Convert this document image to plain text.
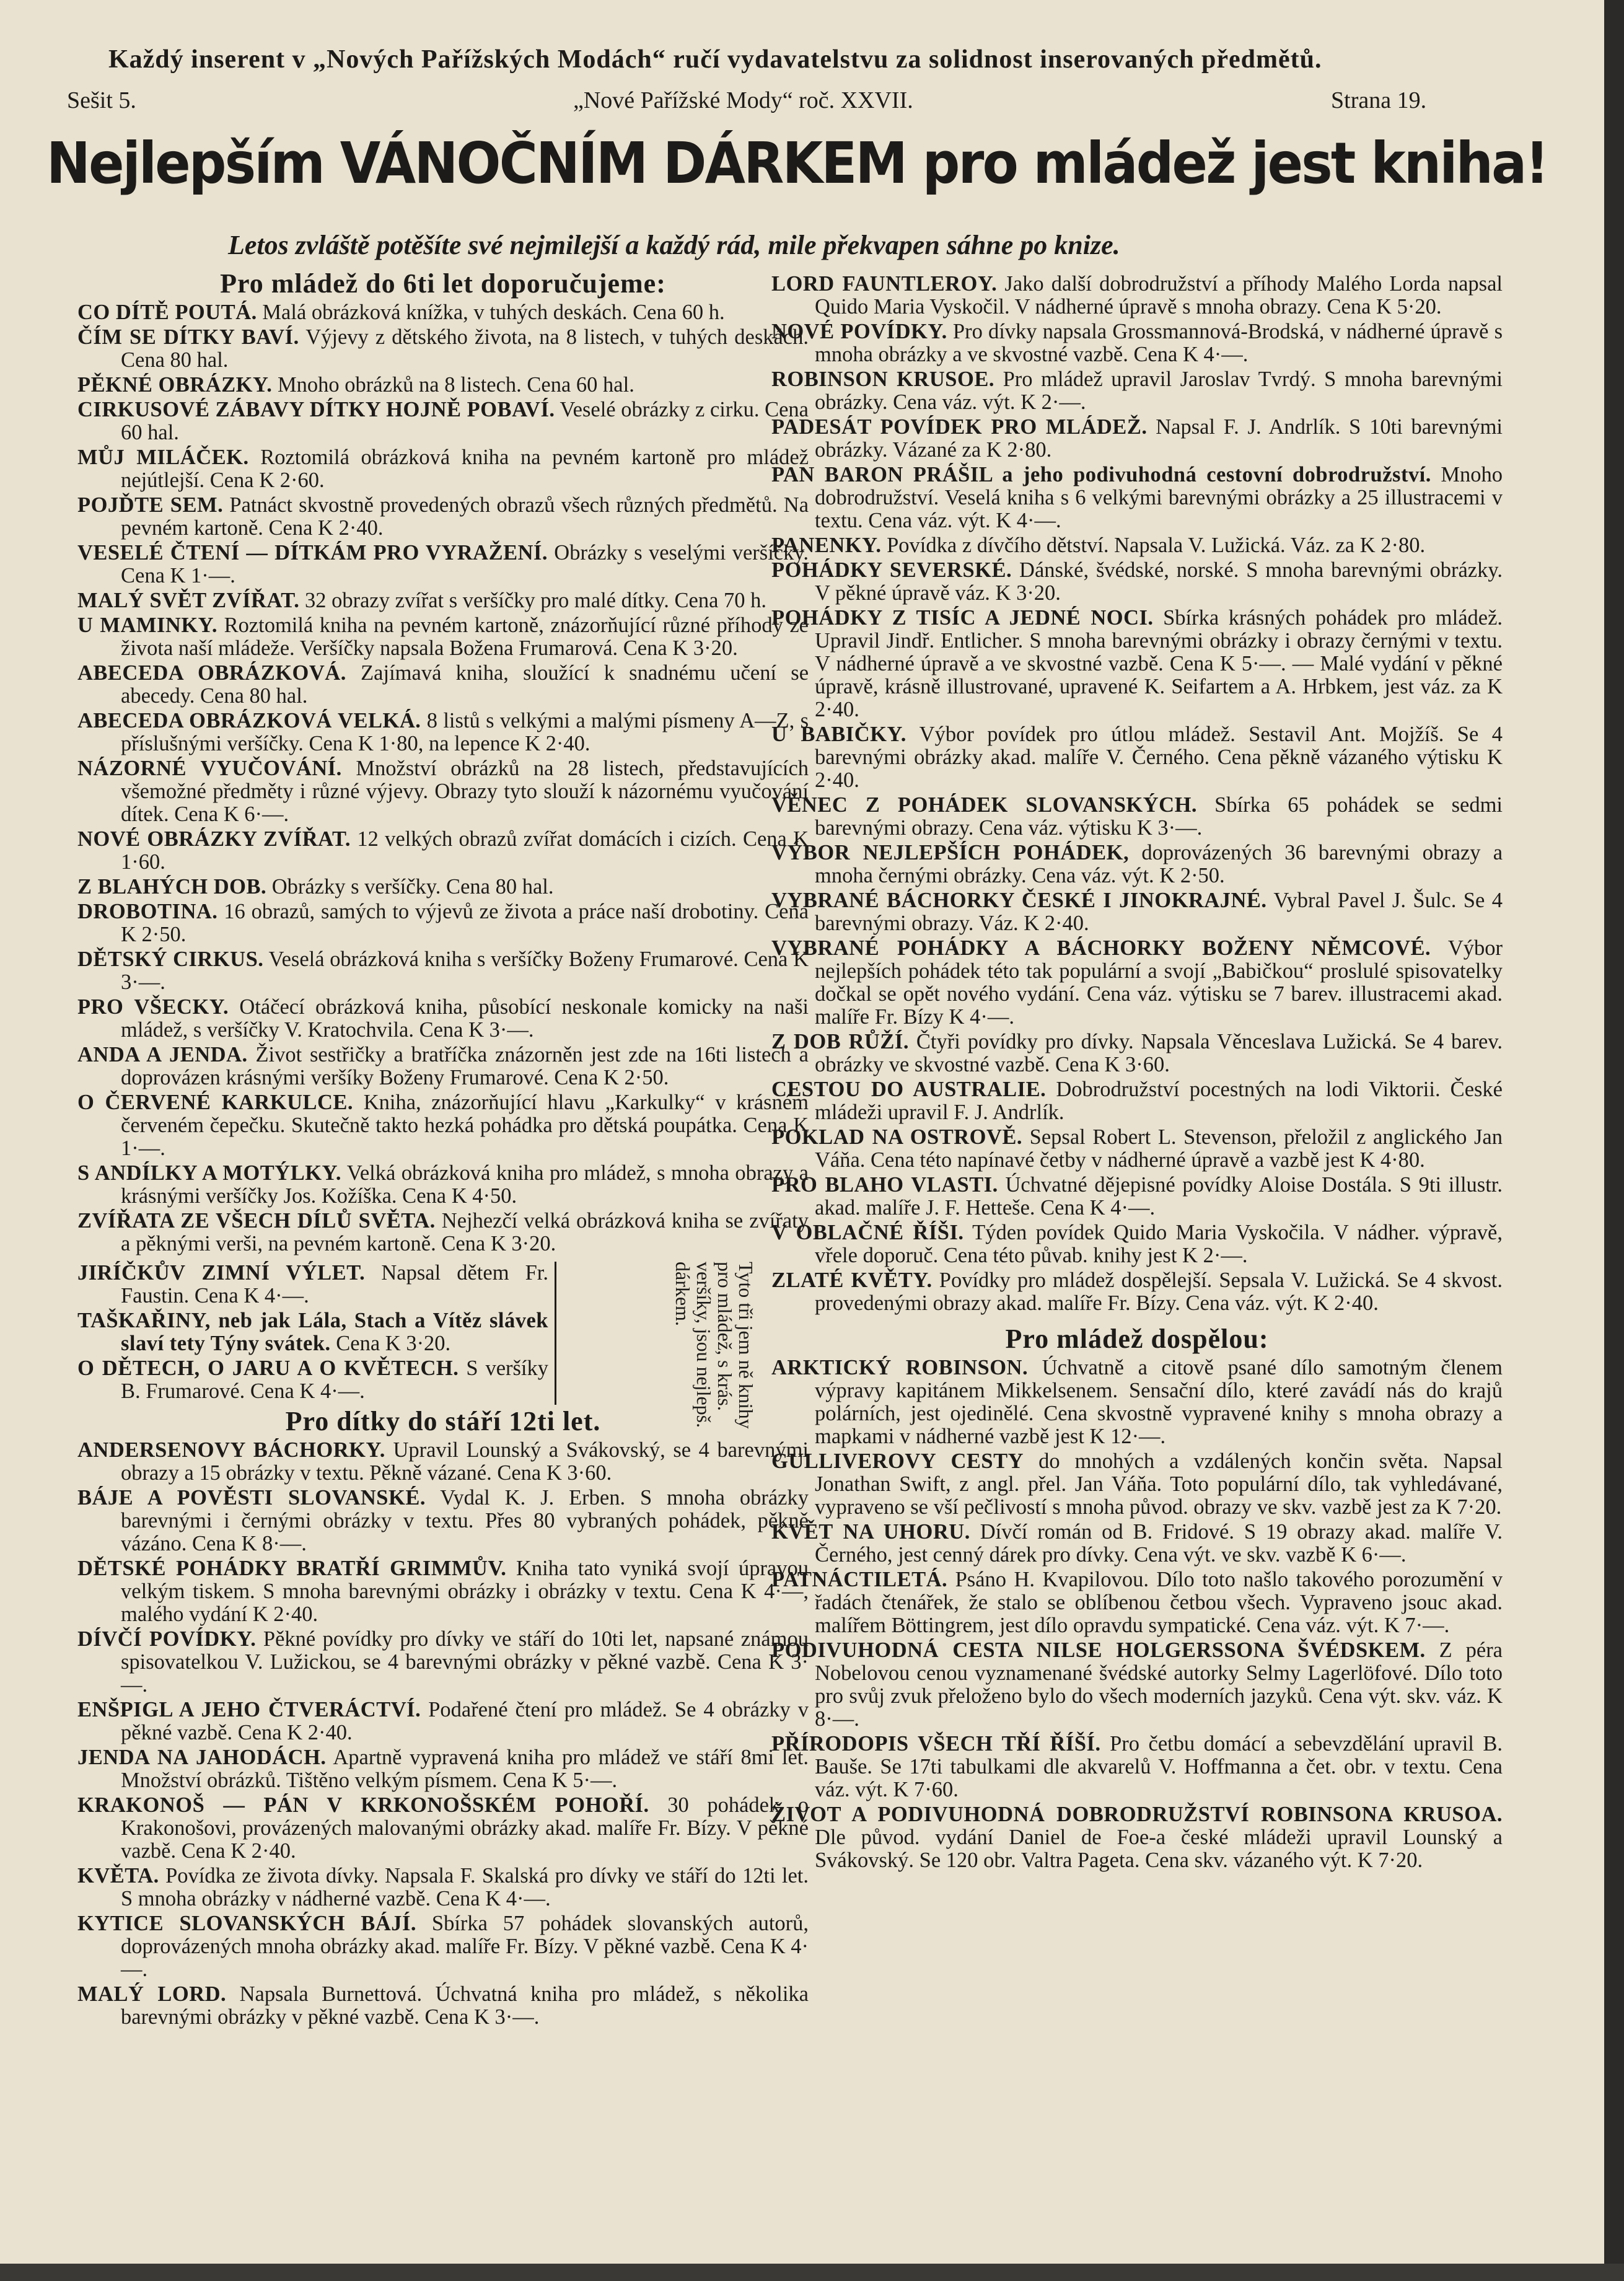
Každý inserent v „Nových Pařížských Modách“ ručí vydavatelstvu za solidnost inserovaných předmětů.
Sešit 5.	„Nové Pařížské Mody“ roč. XXVII.	Strana 19.
Nejlepším VÁNOČNÍM DÁRKEM pro mládež jest kniha!
Letos zvláště potěšíte své nejmilejší a každý rád, mile překvapen sáhne po knize.
Pro mládež do 6ti let doporučujeme:

CO DÍTĚ POUTÁ. Malá obrázková knížka, v tuhých deskách. Cena 60 h.

ČÍM SE DÍTKY BAVÍ. Výjevy z dětského života, na 8 listech, v tuhých deskách. Cena 80 hal.

PĚKNÉ OBRÁZKY. Mnoho obrázků na 8 listech. Cena 60 hal.

CIRKUSOVÉ ZÁBAVY DÍTKY HOJNĚ POBAVÍ. Veselé obrázky z cirku. Cena 60 hal.

MŮJ MILÁČEK. Roztomilá obrázková kniha na pevném kartoně pro mládež nejútlejší. Cena K 2·60.

POJĎTE SEM. Patnáct skvostně provedených obrazů všech různých předmětů. Na pevném kartoně. Cena K 2·40.

VESELÉ ČTENÍ — DÍTKÁM PRO VYRAŽENÍ. Obrázky s veselými veršíčky. Cena K 1·—.

MALÝ SVĚT ZVÍŘAT. 32 obrazy zvířat s veršíčky pro malé dítky. Cena 70 h.

U MAMINKY. Roztomilá kniha na pevném kartoně, znázorňující různé příhody ze života naší mládeže. Veršíčky napsala Božena Frumarová. Cena K 3·20.

ABECEDA OBRÁZKOVÁ. Zajímavá kniha, sloužící k snadnému učení se abecedy. Cena 80 hal.

ABECEDA OBRÁZKOVÁ VELKÁ. 8 listů s velkými a malými písmeny A—Z, s příslušnými veršíčky. Cena K 1·80, na lepence K 2·40.

NÁZORNÉ VYUČOVÁNÍ. Množství obrázků na 28 listech, představujících všemožné předměty i různé výjevy. Obrazy tyto slouží k názornému vyučování dítek. Cena K 6·—.

NOVÉ OBRÁZKY ZVÍŘAT. 12 velkých obrazů zvířat domácích i cizích. Cena K 1·60.

Z BLAHÝCH DOB. Obrázky s veršíčky. Cena 80 hal.

DROBOTINA. 16 obrazů, samých to výjevů ze života a práce naší drobotiny. Cena K 2·50.

DĚTSKÝ CIRKUS. Veselá obrázková kniha s veršíčky Boženy Frumarové. Cena K 3·—.

PRO VŠECKY. Otáčecí obrázková kniha, působící neskonale komicky na naši mládež, s veršíčky V. Kratochvila. Cena K 3·—.

ANDA A JENDA. Život sestřičky a bratříčka znázorněn jest zde na 16ti listech a doprovázen krásnými veršíky Boženy Frumarové. Cena K 2·50.

O ČERVENÉ KARKULCE. Kniha, znázorňující hlavu „Karkulky“ v krásném červeném čepečku. Skutečně takto hezká pohádka pro dětská poupátka. Cena K 1·—.

S ANDÍLKY A MOTÝLKY. Velká obrázková kniha pro mládež, s mnoha obrazy a krásnými veršíčky Jos. Kožíška. Cena K 4·50.

ZVÍŘATA ZE VŠECH DÍLŮ SVĚTA. Nejhezčí velká obrázková kniha se zvířaty a pěknými verši, na pevném kartoně. Cena K 3·20.

JIRÍČKŮV ZIMNÍ VÝLET. Napsal dětem Fr. Faustin. Cena K 4·—.

TAŠKAŘINY, neb jak Lála, Stach a Vítěz slávek slaví tety Týny svátek. Cena K 3·20.

O DĚTECH, O JARU A O KVĚTECH. S veršíky B. Frumarové. Cena K 4·—.	Tyto tři jem ně knihy pro mládež, s krás. veršíky, jsou nejlepš. dárkem.
Pro dítky do stáří 12ti let.

ANDERSENOVY BÁCHORKY. Upravil Lounský a Svákovský, se 4 barevnými obrazy a 15 obrázky v textu. Pěkně vázané. Cena K 3·60.

BÁJE A POVĚSTI SLOVANSKÉ. Vydal K. J. Erben. S mnoha obrázky barevnými i černými obrázky v textu. Přes 80 vybraných pohádek, pěkně vázáno. Cena K 8·—.

DĚTSKÉ POHÁDKY BRATŘÍ GRIMMŮV. Kniha tato vyniká svojí úpravou velkým tiskem. S mnoha barevnými obrázky i obrázky v textu. Cena K 4·—, malého vydání K 2·40.

DÍVČÍ POVÍDKY. Pěkné povídky pro dívky ve stáří do 10ti let, napsané známou spisovatelkou V. Lužickou, se 4 barevnými obrázky v pěkné vazbě. Cena K 3·—.

ENŠPIGL A JEHO ČTVERÁCTVÍ. Podařené čtení pro mládež. Se 4 obrázky v pěkné vazbě. Cena K 2·40.

JENDA NA JAHODÁCH. Apartně vypravená kniha pro mládež ve stáří 8mi let. Množství obrázků. Tištěno velkým písmem. Cena K 5·—.

KRAKONOŠ — PÁN V KRKONOŠSKÉM POHOŘÍ. 30 pohádek o Krakonošovi, provázených malovanými obrázky akad. malíře Fr. Bízy. V pěkné vazbě. Cena K 2·40.

KVĚTA. Povídka ze života dívky. Napsala F. Skalská pro dívky ve stáří do 12ti let. S mnoha obrázky v nádherné vazbě. Cena K 4·—.

KYTICE SLOVANSKÝCH BÁJÍ. Sbírka 57 pohádek slovanských autorů, doprovázených mnoha obrázky akad. malíře Fr. Bízy. V pěkné vazbě. Cena K 4·—.

MALÝ LORD. Napsala Burnettová. Úchvatná kniha pro mládež, s několika barevnými obrázky v pěkné vazbě. Cena K 3·—.

LORD FAUNTLEROY. Jako další dobrodružství a příhody Malého Lorda napsal Quido Maria Vyskočil. V nádherné úpravě s mnoha obrazy. Cena K 5·20.

NOVÉ POVÍDKY. Pro dívky napsala Grossmannová-Brodská, v nádherné úpravě s mnoha obrázky a ve skvostné vazbě. Cena K 4·—.

ROBINSON KRUSOE. Pro mládež upravil Jaroslav Tvrdý. S mnoha barevnými obrázky. Cena váz. výt. K 2·—.

PADESÁT POVÍDEK PRO MLÁDEŽ. Napsal F. J. Andrlík. S 10ti barevnými obrázky. Vázané za K 2·80.

PAN BARON PRÁŠIL a jeho podivuhodná cestovní dobrodružství. Mnoho dobrodružství. Veselá kniha s 6 velkými barevnými obrázky a 25 illustracemi v textu. Cena váz. výt. K 4·—.

PANENKY. Povídka z dívčího dětství. Napsala V. Lužická. Váz. za K 2·80.

POHÁDKY SEVERSKÉ. Dánské, švédské, norské. S mnoha barevnými obrázky. V pěkné úpravě váz. K 3·20.

POHÁDKY Z TISÍC A JEDNÉ NOCI. Sbírka krásných pohádek pro mládež. Upravil Jindř. Entlicher. S mnoha barevnými obrázky i obrazy černými v textu. V nádherné úpravě a ve skvostné vazbě. Cena K 5·—. — Malé vydání v pěkné úpravě, krásně illustrované, upravené K. Seifartem a A. Hrbkem, jest váz. za K 2·40.

U BABIČKY. Výbor povídek pro útlou mládež. Sestavil Ant. Mojžíš. Se 4 barevnými obrázky akad. malíře V. Černého. Cena pěkně vázaného výtisku K 2·40.

VĚNEC Z POHÁDEK SLOVANSKÝCH. Sbírka 65 pohádek se sedmi barevnými obrazy. Cena váz. výtisku K 3·—.

VÝBOR NEJLEPŠÍCH POHÁDEK, doprovázených 36 barevnými obrazy a mnoha černými obrázky. Cena váz. výt. K 2·50.

VYBRANÉ BÁCHORKY ČESKÉ I JINOKRAJNÉ. Vybral Pavel J. Šulc. Se 4 barevnými obrazy. Váz. K 2·40.

VYBRANÉ POHÁDKY A BÁCHORKY BOŽENY NĚMCOVÉ. Výbor nejlepších pohádek této tak populární a svojí „Babičkou“ proslulé spisovatelky dočkal se opět nového vydání. Cena váz. výtisku se 7 barev. illustracemi akad. malíře Fr. Bízy K 4·—.

Z DOB RŮŽÍ. Čtyři povídky pro dívky. Napsala Věnceslava Lužická. Se 4 barev. obrázky ve skvostné vazbě. Cena K 3·60.

CESTOU DO AUSTRALIE. Dobrodružství pocestných na lodi Viktorii. České mládeži upravil F. J. Andrlík.

POKLAD NA OSTROVĚ. Sepsal Robert L. Stevenson, přeložil z anglického Jan Váňa. Cena této napínavé četby v nádherné úpravě a vazbě jest K 4·80.

PRO BLAHO VLASTI. Úchvatné dějepisné povídky Aloise Dostála. S 9ti illustr. akad. malíře J. F. Hetteše. Cena K 4·—.

V OBLAČNÉ ŘÍŠI. Týden povídek Quido Maria Vyskočila. V nádher. výpravě, vřele doporuč. Cena této půvab. knihy jest K 2·—.

ZLATÉ KVĚTY. Povídky pro mládež dospělejší. Sepsala V. Lužická. Se 4 skvost. provedenými obrazy akad. malíře Fr. Bízy. Cena váz. výt. K 2·40.

Pro mládež dospělou:

ARKTICKÝ ROBINSON. Úchvatně a citově psané dílo samotným členem výpravy kapitánem Mikkelsenem. Sensační dílo, které zavádí nás do krajů polárních, jest ojedinělé. Cena skvostně vypravené knihy s mnoha obrazy a mapkami v nádherné vazbě jest K 12·—.

GULLIVEROVY CESTY do mnohých a vzdálených končin světa. Napsal Jonathan Swift, z angl. přel. Jan Váňa. Toto populární dílo, tak vyhledávané, vypraveno se vší pečlivostí s mnoha původ. obrazy ve skv. vazbě jest za K 7·20.

KVĚT NA UHORU. Dívčí román od B. Fridové. S 19 obrazy akad. malíře V. Černého, jest cenný dárek pro dívky. Cena výt. ve skv. vazbě K 6·—.

PATNÁCTILETÁ. Psáno H. Kvapilovou. Dílo toto našlo takového porozumění v řadách čtenářek, že stalo se oblíbenou četbou všech. Vypraveno jsouc akad. malířem Böttingrem, jest dílo opravdu sympatické. Cena váz. výt. K 7·—.

PODIVUHODNÁ CESTA NILSE HOLGERSSONA ŠVÉDSKEM. Z péra Nobelovou cenou vyznamenané švédské autorky Selmy Lagerlöfové. Dílo toto pro svůj zvuk přeloženo bylo do všech moderních jazyků. Cena výt. skv. váz. K 8·—.

PŘÍRODOPIS VŠECH TŘÍ ŘÍŠÍ. Pro četbu domácí a sebevzdělání upravil B. Bauše. Se 17ti tabulkami dle akvarelů V. Hoffmanna a čet. obr. v textu. Cena váz. výt. K 7·60.

ŽIVOT A PODIVUHODNÁ DOBRODRUŽSTVÍ ROBINSONA KRUSOA. Dle původ. vydání Daniel de Foe-a české mládeži upravil Lounský a Svákovský. Se 120 obr. Valtra Pageta. Cena skv. vázaného výt. K 7·20.
